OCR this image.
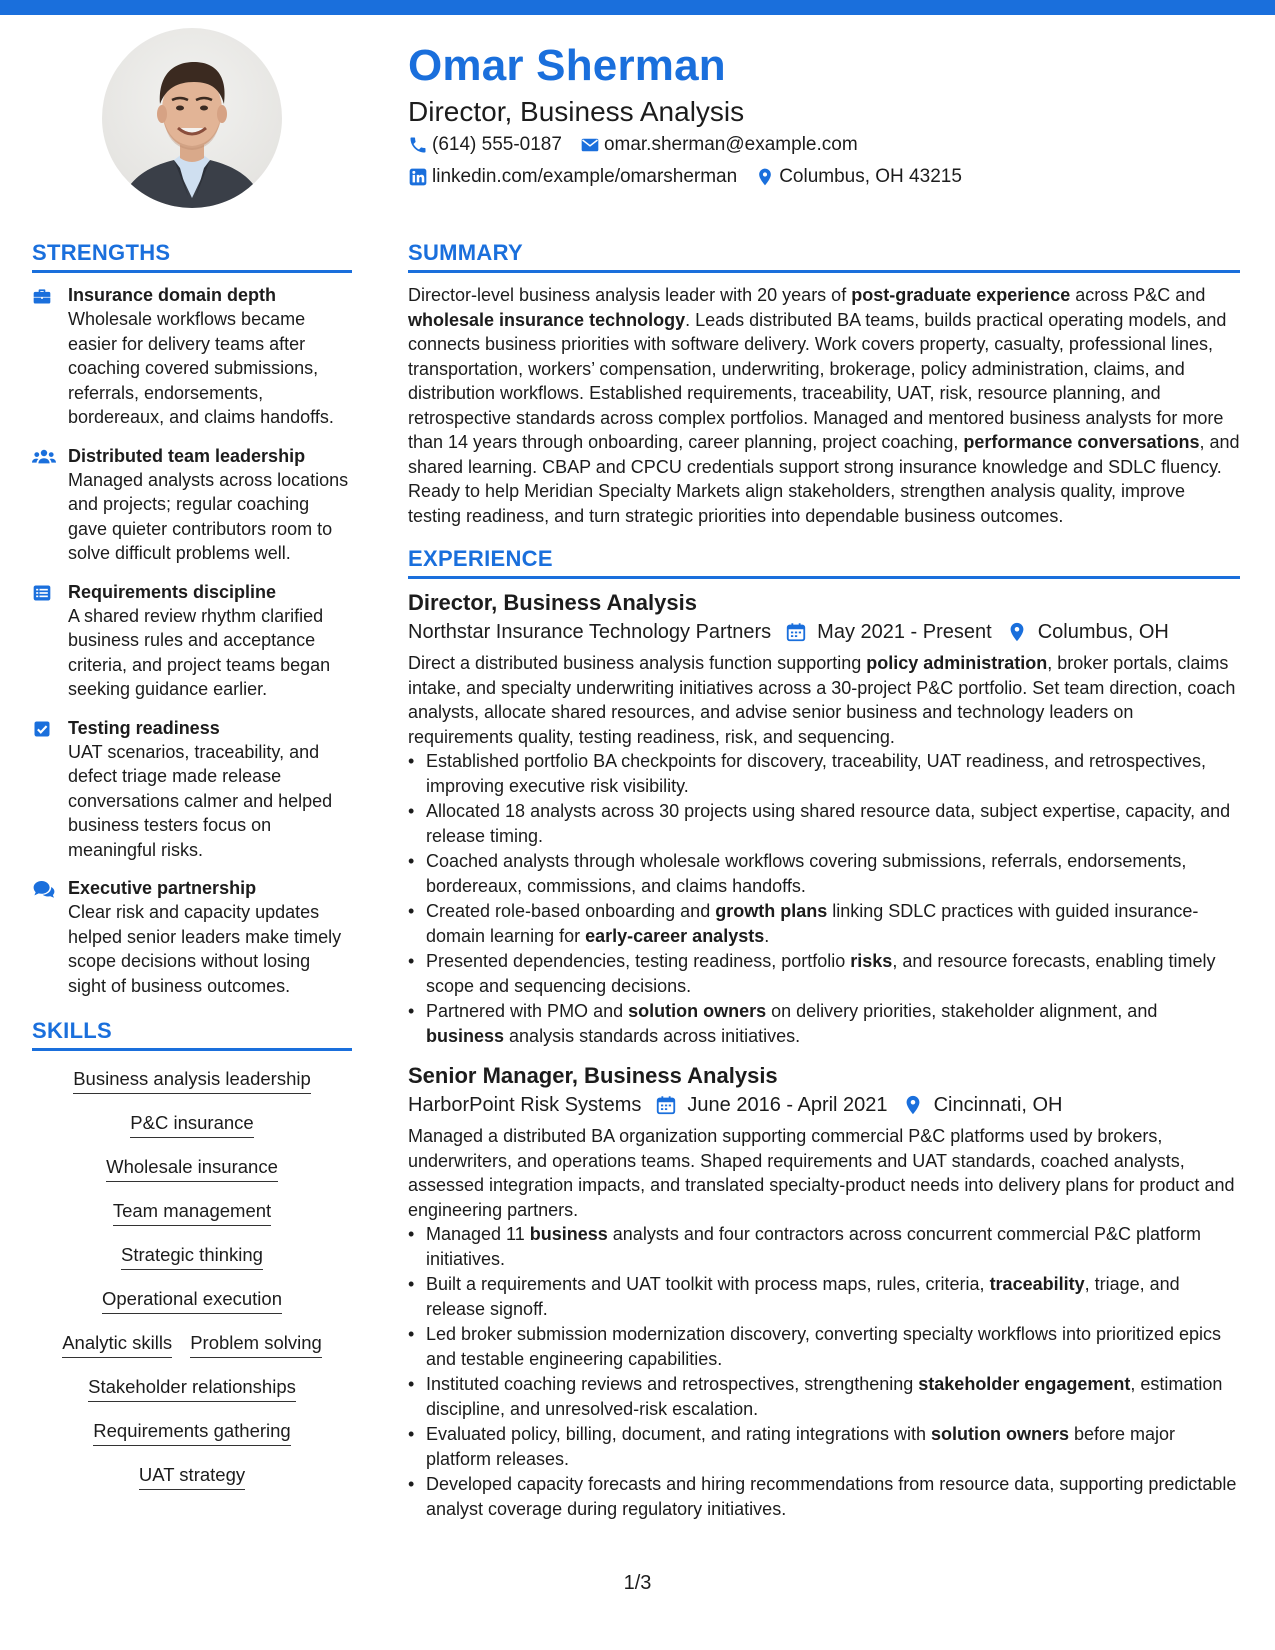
Omar Sherman
Director, Business Analysis
(614) 555-0187 omar.sherman@example.com
linkedin.com/example/omarsherman Columbus, OH 43215
STRENGTHS
Insurance domain depth
Wholesale workflows became easier for delivery teams after coaching covered submissions, referrals, endorsements, bordereaux, and claims handoffs.
Distributed team leadership
Managed analysts across locations and projects; regular coaching gave quieter contributors room to solve difficult problems well.
Requirements discipline
A shared review rhythm clarified business rules and acceptance criteria, and project teams began seeking guidance earlier.
Testing readiness
UAT scenarios, traceability, and defect triage made release conversations calmer and helped business testers focus on meaningful risks.
Executive partnership
Clear risk and capacity updates helped senior leaders make timely scope decisions without losing sight of business outcomes.
SKILLS
Business analysis leadership
P&C insurance
Wholesale insurance
Team management
Strategic thinking
Operational execution
Analytic skills Problem solving
Stakeholder relationships
Requirements gathering
UAT strategy
SUMMARY
Director-level business analysis leader with 20 years of post-graduate experience across P&C and wholesale insurance technology. Leads distributed BA teams, builds practical operating models, and connects business priorities with software delivery. Work covers property, casualty, professional lines, transportation, workers’ compensation, underwriting, brokerage, policy administration, claims, and distribution workflows. Established requirements, traceability, UAT, risk, resource planning, and retrospective standards across complex portfolios. Managed and mentored business analysts for more than 14 years through onboarding, career planning, project coaching, performance conversations, and shared learning. CBAP and CPCU credentials support strong insurance knowledge and SDLC fluency. Ready to help Meridian Specialty Markets align stakeholders, strengthen analysis quality, improve testing readiness, and turn strategic priorities into dependable business outcomes.
EXPERIENCE
Director, Business Analysis
Northstar Insurance Technology Partners May 2021 - Present Columbus, OH
Direct a distributed business analysis function supporting policy administration, broker portals, claims intake, and specialty underwriting initiatives across a 30-project P&C portfolio. Set team direction, coach analysts, allocate shared resources, and advise senior business and technology leaders on requirements quality, testing readiness, risk, and sequencing.
• Established portfolio BA checkpoints for discovery, traceability, UAT readiness, and retrospectives, improving executive risk visibility.
• Allocated 18 analysts across 30 projects using shared resource data, subject expertise, capacity, and release timing.
• Coached analysts through wholesale workflows covering submissions, referrals, endorsements, bordereaux, commissions, and claims handoffs.
• Created role-based onboarding and growth plans linking SDLC practices with guided insurance-domain learning for early-career analysts.
• Presented dependencies, testing readiness, portfolio risks, and resource forecasts, enabling timely scope and sequencing decisions.
• Partnered with PMO and solution owners on delivery priorities, stakeholder alignment, and business analysis standards across initiatives.
Senior Manager, Business Analysis
HarborPoint Risk Systems June 2016 - April 2021 Cincinnati, OH
Managed a distributed BA organization supporting commercial P&C platforms used by brokers, underwriters, and operations teams. Shaped requirements and UAT standards, coached analysts, assessed integration impacts, and translated specialty-product needs into delivery plans for product and engineering partners.
• Managed 11 business analysts and four contractors across concurrent commercial P&C platform initiatives.
• Built a requirements and UAT toolkit with process maps, rules, criteria, traceability, triage, and release signoff.
• Led broker submission modernization discovery, converting specialty workflows into prioritized epics and testable engineering capabilities.
• Instituted coaching reviews and retrospectives, strengthening stakeholder engagement, estimation discipline, and unresolved-risk escalation.
• Evaluated policy, billing, document, and rating integrations with solution owners before major platform releases.
• Developed capacity forecasts and hiring recommendations from resource data, supporting predictable analyst coverage during regulatory initiatives.
1/3
